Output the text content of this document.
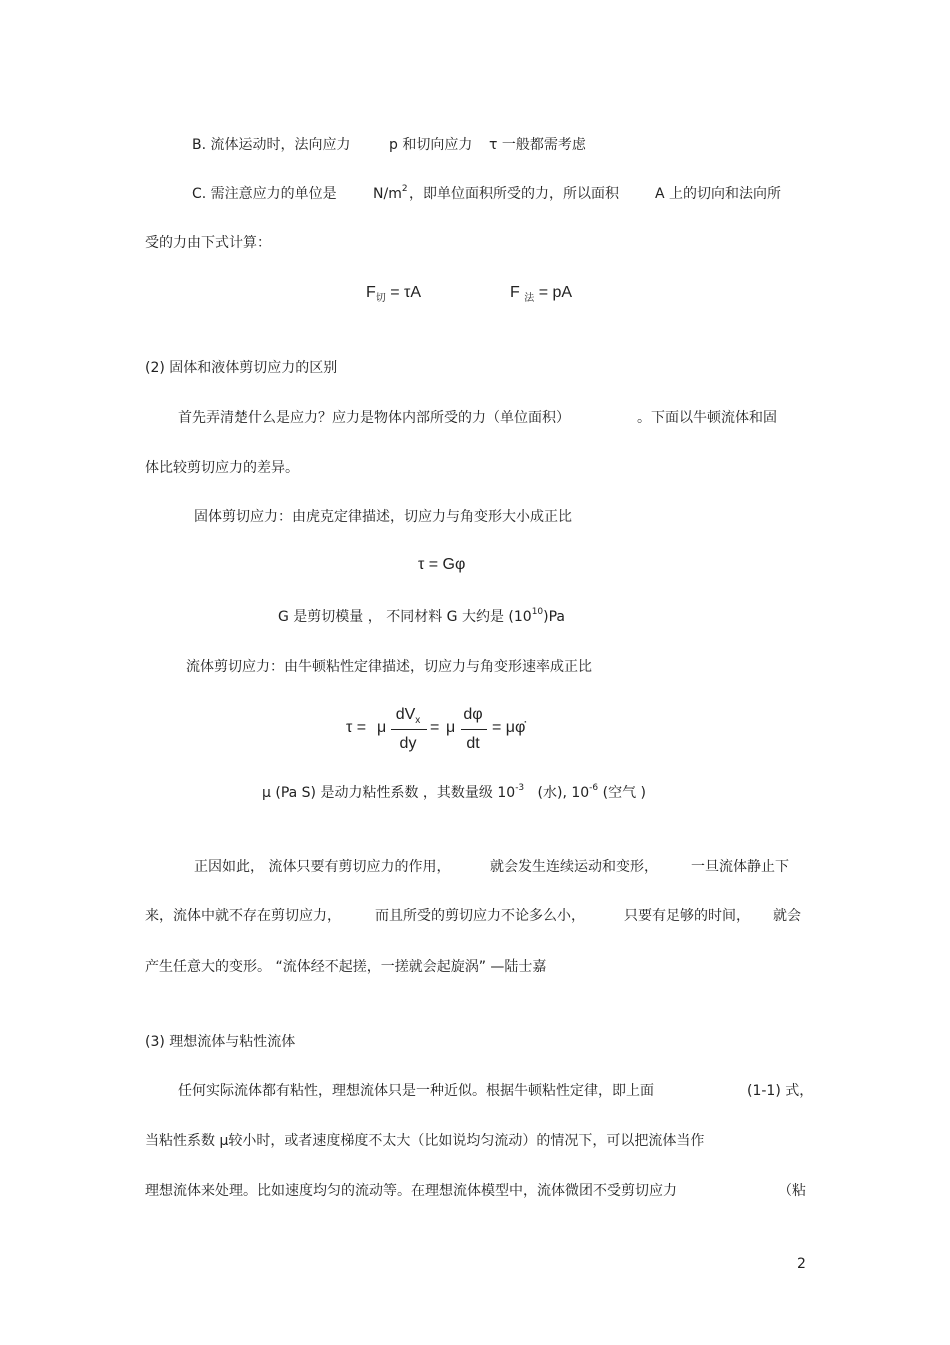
B. 流体运动时，法向应力	p 和切向应力 τ 一般都需考虑
C. 需注意应力的单位是	$N/m^2$ ，即单位面积所受的力，所以面积	A 上的切向和法向所
受的力由下式计算：
$F_切 = \tau A$	F $_法$ = pA
(2) 固体和液体剪切应力的区别
首先弄清楚什么是应力？应力是物体内部所受的力（单位面积）	。下面以牛顿流体和固
体比较剪切应力的差异。
固体剪切应力：由虎克定律描述，切应力与角变形大小成正比
τ = Gφ
G 是剪切模量 ， 不同材料 G 大约是 $(10^{10})Pa$
流体剪切应力：由牛顿粘性定律描述，切应力与角变形速率成正比
τ = μ
$dV_x$
dy
= μ
dφ
dt
= μφ̇
μ (Pa S) 是动力粘性系数 ，其数量级 $10^{-3}$ (水), $10^{-6}$ (空气 )
正因如此， 流体只要有剪切应力的作用，	就会发生连续运动和变形， 一旦流体静止下
来，流体中就不存在剪切应力， 而且所受的剪切应力不论多么小，	只要有足够的时间， 就会
产生任意大的变形。 “流体经不起搓，一搓就会起旋涡” —陆士嘉
(3) 理想流体与粘性流体
任何实际流体都有粘性，理想流体只是一种近似。根据牛顿粘性定律，即上面	(1-1) 式，
当粘性系数 μ较小时，或者速度梯度不太大（比如说均匀流动）的情况下，可以把流体当作
理想流体来处理。比如速度均匀的流动等。在理想流体模型中，流体微团不受剪切应力	（粘
2
